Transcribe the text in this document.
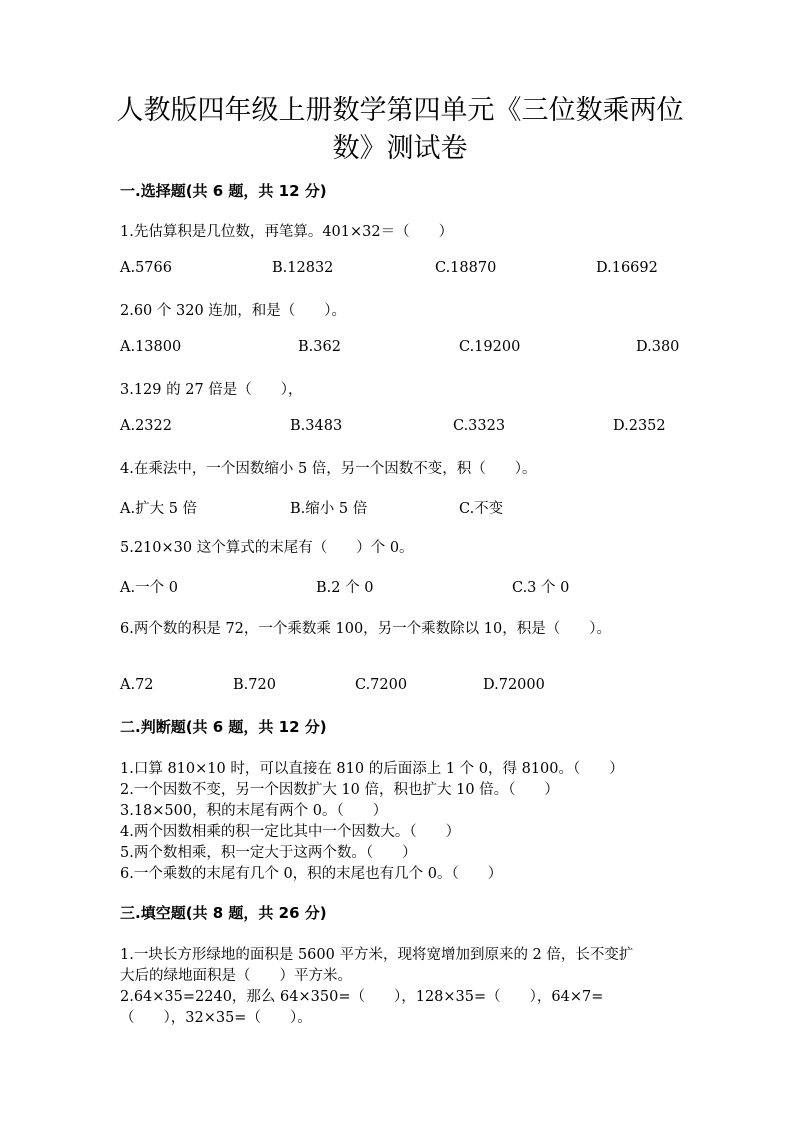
人教版四年级上册数学第四单元《三位数乘两位
数》测试卷
一.选择题(共 6 题，共 12 分)
1.先估算积是几位数，再笔算。401×32＝（　　）
A.5766	B.12832	C.18870	D.16692
2.60 个 320 连加，和是（　　）。
A.13800	B.362	C.19200	D.380
3.129 的 27 倍是（　　），
A.2322	B.3483	C.3323	D.2352
4.在乘法中，一个因数缩小 5 倍，另一个因数不变，积（　　）。
A.扩大 5 倍	B.缩小 5 倍	C.不变
5.210×30 这个算式的末尾有（　　）个 0。
A.一个 0	B.2 个 0	C.3 个 0
6.两个数的积是 72，一个乘数乘 100，另一个乘数除以 10，积是（　　）。
A.72	B.720	C.7200	D.72000
二.判断题(共 6 题，共 12 分)
1.口算 810×10 时，可以直接在 810 的后面添上 1 个 0，得 8100。（　　）
2.一个因数不变，另一个因数扩大 10 倍，积也扩大 10 倍。（　　）
3.18×500，积的末尾有两个 0。（　　）
4.两个因数相乘的积一定比其中一个因数大。（　　）
5.两个数相乘，积一定大于这两个数。（　　）
6.一个乘数的末尾有几个 0，积的末尾也有几个 0。（　　）
三.填空题(共 8 题，共 26 分)
1.一块长方形绿地的面积是 5600 平方米，现将宽增加到原来的 2 倍，长不变扩
大后的绿地面积是（　　）平方米。
2.64×35=2240，那么 64×350=（　　），128×35=（　　），64×7=
（　　），32×35=（　　）。
